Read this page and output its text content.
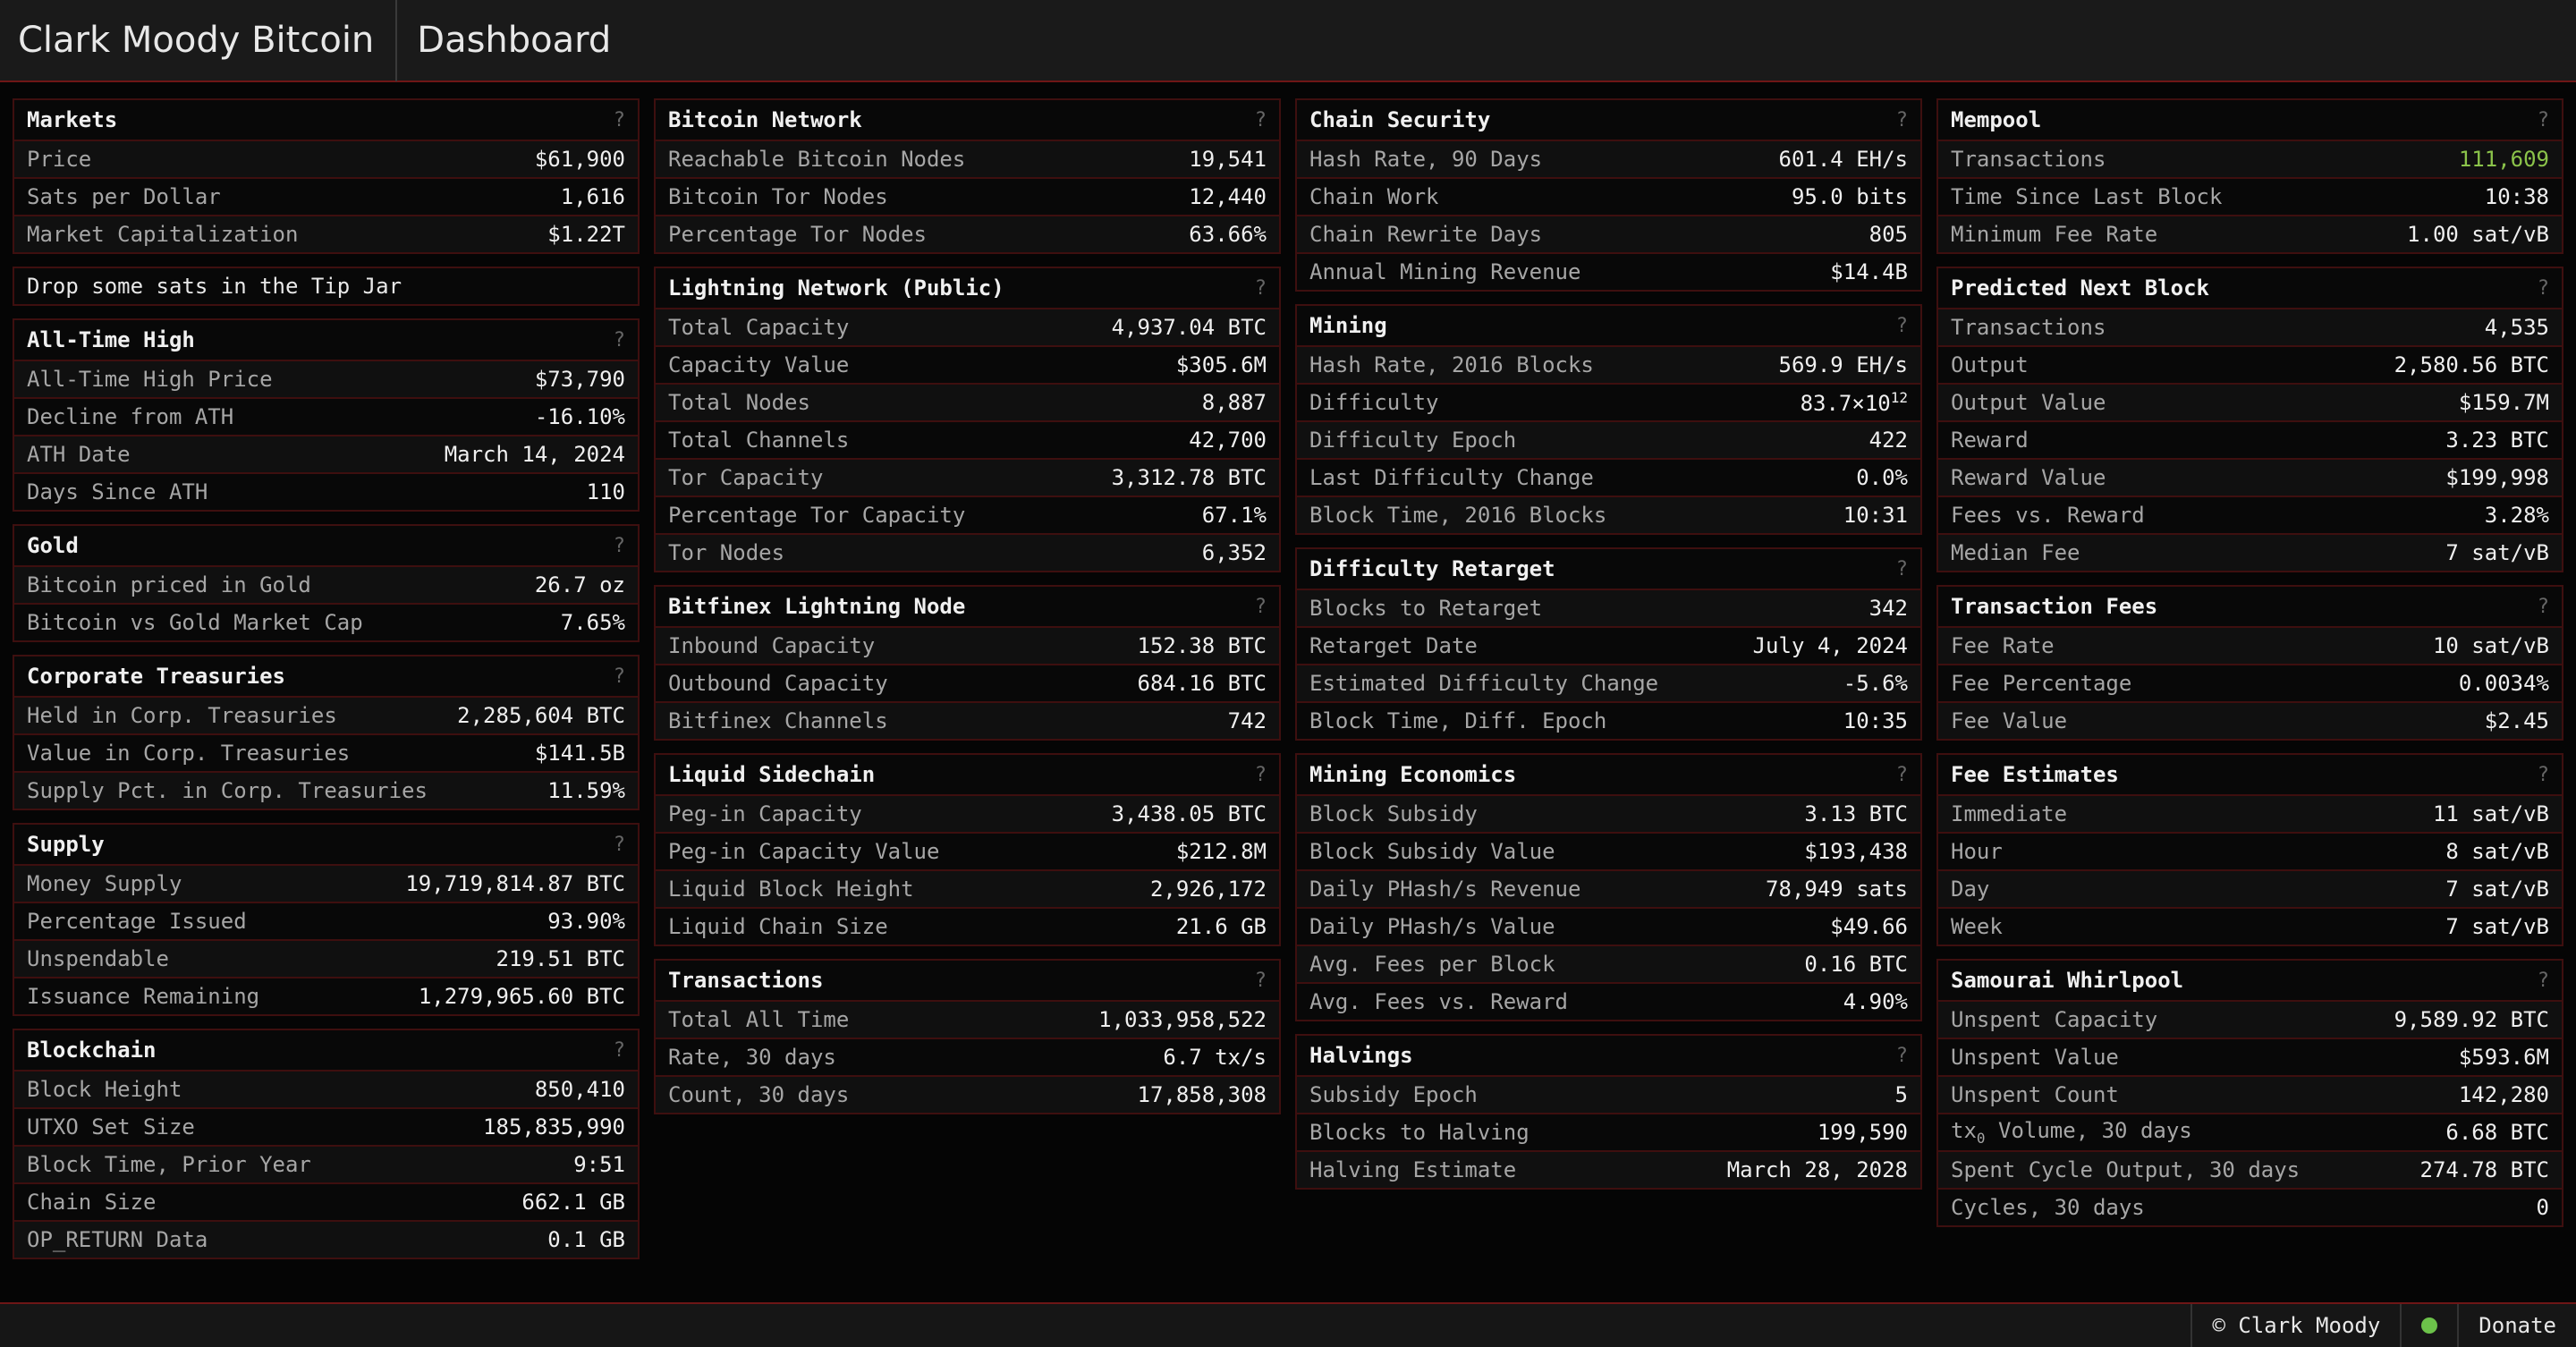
Clark Moody Bitcoin	Dashboard
Markets	?
Price	$61,900
Sats per Dollar	1,616
Market Capitalization	$1.22T
Drop some sats in the Tip Jar
All-Time High	?
All-Time High Price	$73,790
Decline from ATH	-16.10%
ATH Date	March 14, 2024
Days Since ATH	110
Gold	?
Bitcoin priced in Gold	26.7 oz
Bitcoin vs Gold Market Cap	7.65%
Corporate Treasuries	?
Held in Corp. Treasuries	2,285,604 BTC
Value in Corp. Treasuries	$141.5B
Supply Pct. in Corp. Treasuries	11.59%
Supply	?
Money Supply	19,719,814.87 BTC
Percentage Issued	93.90%
Unspendable	219.51 BTC
Issuance Remaining	1,279,965.60 BTC
Blockchain	?
Block Height	850,410
UTXO Set Size	185,835,990
Block Time, Prior Year	9:51
Chain Size	662.1 GB
OP_RETURN Data	0.1 GB
Bitcoin Network	?
Reachable Bitcoin Nodes	19,541
Bitcoin Tor Nodes	12,440
Percentage Tor Nodes	63.66%
Lightning Network (Public)	?
Total Capacity	4,937.04 BTC
Capacity Value	$305.6M
Total Nodes	8,887
Total Channels	42,700
Tor Capacity	3,312.78 BTC
Percentage Tor Capacity	67.1%
Tor Nodes	6,352
Bitfinex Lightning Node	?
Inbound Capacity	152.38 BTC
Outbound Capacity	684.16 BTC
Bitfinex Channels	742
Liquid Sidechain	?
Peg-in Capacity	3,438.05 BTC
Peg-in Capacity Value	$212.8M
Liquid Block Height	2,926,172
Liquid Chain Size	21.6 GB
Transactions	?
Total All Time	1,033,958,522
Rate, 30 days	6.7 tx/s
Count, 30 days	17,858,308
Chain Security	?
Hash Rate, 90 Days	601.4 EH/s
Chain Work	95.0 bits
Chain Rewrite Days	805
Annual Mining Revenue	$14.4B
Mining	?
Hash Rate, 2016 Blocks	569.9 EH/s
Difficulty	$83.7\times 10^{12}$
Difficulty Epoch	422
Last Difficulty Change	0.0%
Block Time, 2016 Blocks	10:31
Difficulty Retarget	?
Blocks to Retarget	342
Retarget Date	July 4, 2024
Estimated Difficulty Change	-5.6%
Block Time, Diff. Epoch	10:35
Mining Economics	?
Block Subsidy	3.13 BTC
Block Subsidy Value	$193,438
Daily PHash/s Revenue	78,949 sats
Daily PHash/s Value	$49.66
Avg. Fees per Block	0.16 BTC
Avg. Fees vs. Reward	4.90%
Halvings	?
Subsidy Epoch	5
Blocks to Halving	199,590
Halving Estimate	March 28, 2028
Mempool	?
Transactions	111,609
Time Since Last Block	10:38
Minimum Fee Rate	1.00 sat/vB
Predicted Next Block	?
Transactions	4,535
Output	2,580.56 BTC
Output Value	$159.7M
Reward	3.23 BTC
Reward Value	$199,998
Fees vs. Reward	3.28%
Median Fee	7 sat/vB
Transaction Fees	?
Fee Rate	10 sat/vB
Fee Percentage	0.0034%
Fee Value	$2.45
Fee Estimates	?
Immediate	11 sat/vB
Hour	8 sat/vB
Day	7 sat/vB
Week	7 sat/vB
Samourai Whirlpool	?
Unspent Capacity	9,589.92 BTC
Unspent Value	$593.6M
Unspent Count	142,280
$tx_0$ Volume, 30 days	6.68 BTC
Spent Cycle Output, 30 days	274.78 BTC
Cycles, 30 days	0
© Clark Moody	Donate
